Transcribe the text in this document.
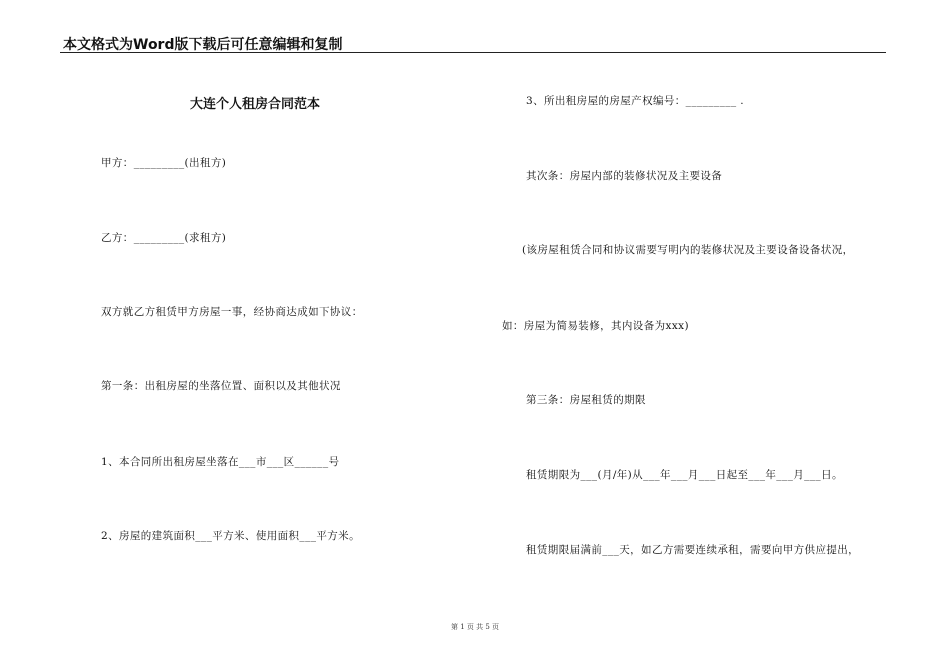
本文格式为Word版下载后可任意编辑和复制
大连个人租房合同范本
甲方：_________(出租方)
乙方：_________(求租方)
双方就乙方租赁甲方房屋一事，经协商达成如下协议：
第一条：出租房屋的坐落位置、面积以及其他状况
1、本合同所出租房屋坐落在___市___区______号
2、房屋的建筑面积___平方米、使用面积___平方米。
3、所出租房屋的房屋产权编号：_________ .
其次条：房屋内部的装修状况及主要设备
(该房屋租赁合同和协议需要写明内的装修状况及主要设备设备状况，
如：房屋为简易装修，其内设备为xxx)
第三条：房屋租赁的期限
租赁期限为___(月/年)从___年___月___日起至___年___月___日。
租赁期限届满前___天，如乙方需要连续承租，需要向甲方供应提出，
第 1 页 共 5 页
